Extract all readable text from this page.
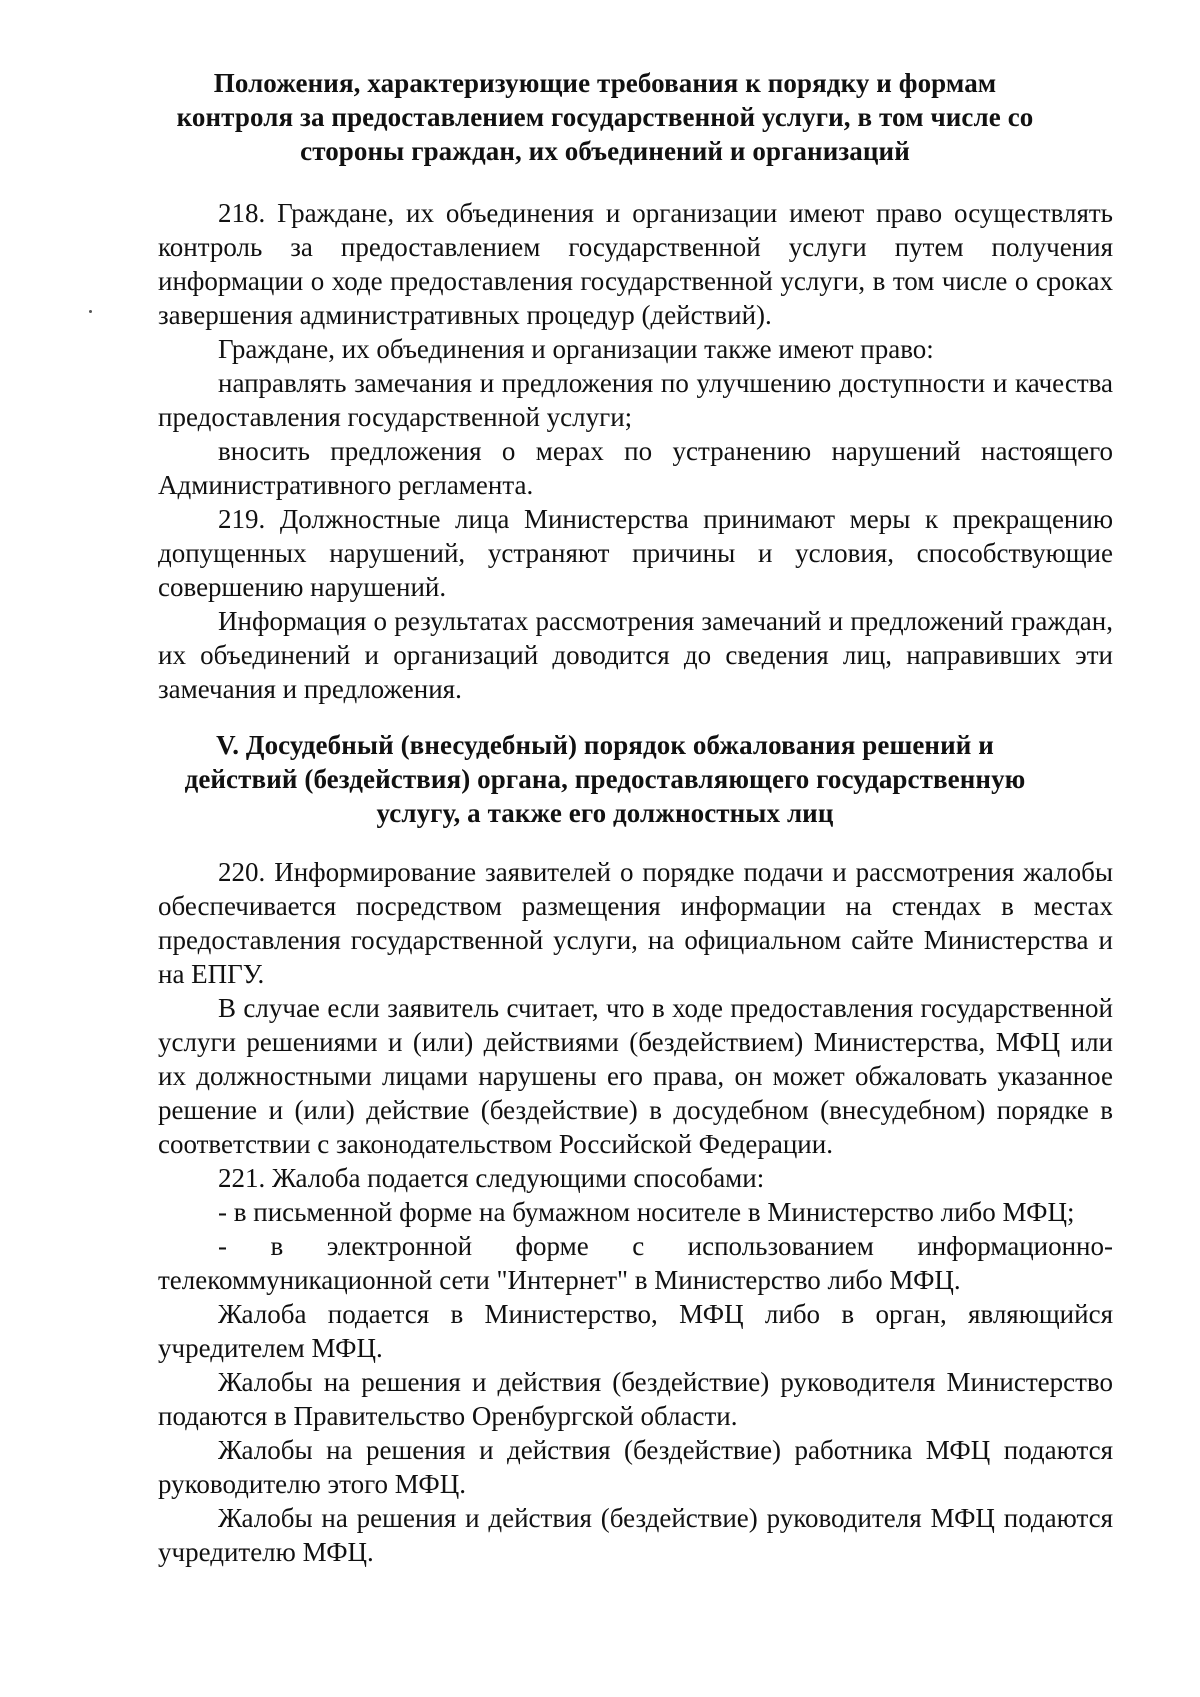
Положения, характеризующие требования к порядку и формам контроля за предоставлением государственной услуги, в том числе со стороны граждан, их объединений и организаций

218. Граждане, их объединения и организации имеют право осуществлять контроль за предоставлением государственной услуги путем получения информации о ходе предоставления государственной услуги, в том числе о сроках завершения административных процедур (действий).

Граждане, их объединения и организации также имеют право:

направлять замечания и предложения по улучшению доступности и качества предоставления государственной услуги;

вносить предложения о мерах по устранению нарушений настоящего Административного регламента.

219. Должностные лица Министерства принимают меры к прекращению допущенных нарушений, устраняют причины и условия, способствующие совершению нарушений.

Информация о результатах рассмотрения замечаний и предложений граждан, их объединений и организаций доводится до сведения лиц, направивших эти замечания и предложения.

V. Досудебный (внесудебный) порядок обжалования решений и действий (бездействия) органа, предоставляющего государственную услугу, а также его должностных лиц

220. Информирование заявителей о порядке подачи и рассмотрения жалобы обеспечивается посредством размещения информации на стендах в местах предоставления государственной услуги, на официальном сайте Министерства и на ЕПГУ.

В случае если заявитель считает, что в ходе предоставления государственной услуги решениями и (или) действиями (бездействием) Министерства, МФЦ или их должностными лицами нарушены его права, он может обжаловать указанное решение и (или) действие (бездействие) в досудебном (внесудебном) порядке в соответствии с законодательством Российской Федерации.

221. Жалоба подается следующими способами:

- в письменной форме на бумажном носителе в Министерство либо МФЦ;

- в электронной форме с использованием информационно-телекоммуникационной сети "Интернет" в Министерство либо МФЦ.

Жалоба подается в Министерство, МФЦ либо в орган, являющийся учредителем МФЦ.

Жалобы на решения и действия (бездействие) руководителя Министерство подаются в Правительство Оренбургской области.

Жалобы на решения и действия (бездействие) работника МФЦ подаются руководителю этого МФЦ.

Жалобы на решения и действия (бездействие) руководителя МФЦ подаются учредителю МФЦ.
